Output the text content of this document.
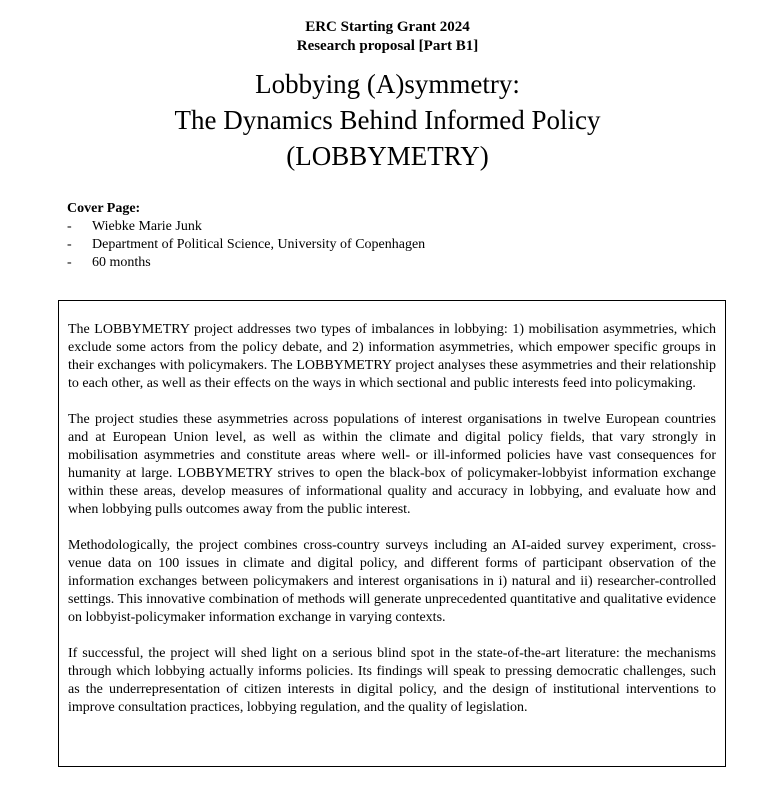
ERC Starting Grant 2024
Research proposal [Part B1]
Lobbying (A)symmetry:
The Dynamics Behind Informed Policy
(LOBBYMETRY)
Cover Page:
-	Wiebke Marie Junk
-	Department of Political Science, University of Copenhagen
-	60 months

The LOBBYMETRY project addresses two types of imbalances in lobbying: 1) mobilisation asymmetries, which exclude some actors from the policy debate, and 2) information asymmetries, which empower specific groups in their exchanges with policymakers. The LOBBYMETRY project analyses these asymmetries and their relationship to each other, as well as their effects on the ways in which sectional and public interests feed into policymaking.

The project studies these asymmetries across populations of interest organisations in twelve European countries and at European Union level, as well as within the climate and digital policy fields, that vary strongly in mobilisation asymmetries and constitute areas where well- or ill-informed policies have vast consequences for humanity at large. LOBBYMETRY strives to open the black-box of policymaker-lobbyist information exchange within these areas, develop measures of informational quality and accuracy in lobbying, and evaluate how and when lobbying pulls outcomes away from the public interest.

Methodologically, the project combines cross-country surveys including an AI-aided survey experiment, cross-venue data on 100 issues in climate and digital policy, and different forms of participant observation of the information exchanges between policymakers and interest organisations in i) natural and ii) researcher-controlled settings. This innovative combination of methods will generate unprecedented quantitative and qualitative evidence on lobbyist-policymaker information exchange in varying contexts.

If successful, the project will shed light on a serious blind spot in the state-of-the-art literature: the mechanisms through which lobbying actually informs policies. Its findings will speak to pressing democratic challenges, such as the underrepresentation of citizen interests in digital policy, and the design of institutional interventions to improve consultation practices, lobbying regulation, and the quality of legislation.
